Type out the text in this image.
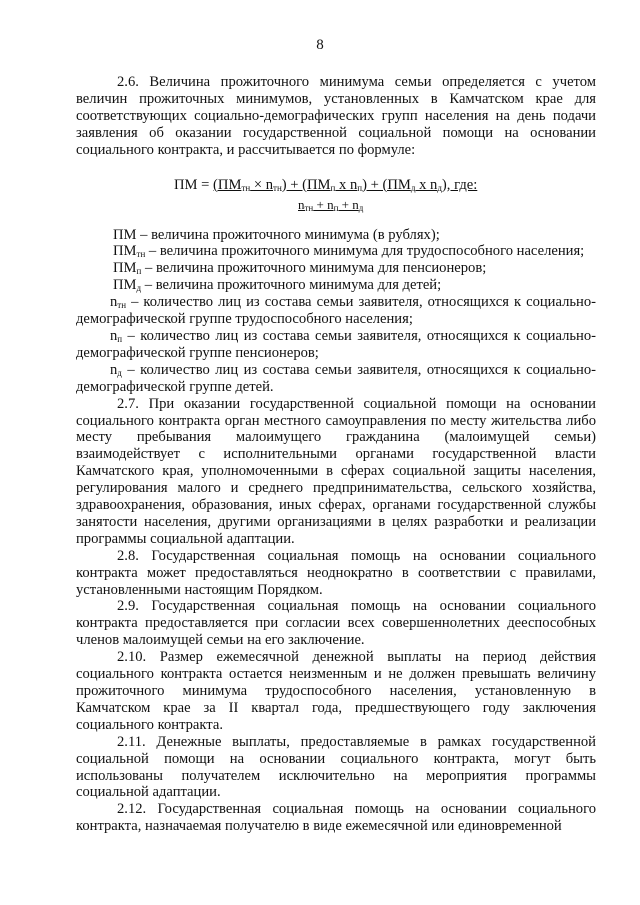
8

2.6. Величина прожиточного минимума семьи определяется с учетом величин прожиточных минимумов, установленных в Камчатском крае для соответствующих социально-демографических групп населения на день подачи заявления об оказании государственной социальной помощи на основании социального контракта, и рассчитывается по формуле:

ПМ = $(ПМ_{тн} \times n_{тн}) + (ПМ_п$ x $n_п) + (ПМ_д$ x $n_д$), где:
$n_{тн} + n_п + n_д$

ПМ – величина прожиточного минимума (в рублях);

$ПМ_{тн}$ – величина прожиточного минимума для трудоспособного населения;

$ПМ_п$ – величина прожиточного минимума для пенсионеров;

$ПМ_д$ – величина прожиточного минимума для детей;

$n_{тн}$ – количество лиц из состава семьи заявителя, относящихся к социально-демографической группе трудоспособного населения;

$n_п$ – количество лиц из состава семьи заявителя, относящихся к социально-демографической группе пенсионеров;

$n_д$ – количество лиц из состава семьи заявителя, относящихся к социально-демографической группе детей.

2.7. При оказании государственной социальной помощи на основании социального контракта орган местного самоуправления по месту жительства либо месту пребывания малоимущего гражданина (малоимущей семьи) взаимодействует с исполнительными органами государственной власти Камчатского края, уполномоченными в сферах социальной защиты населения, регулирования малого и среднего предпринимательства, сельского хозяйства, здравоохранения, образования, иных сферах, органами государственной службы занятости населения, другими организациями в целях разработки и реализации программы социальной адаптации.

2.8. Государственная социальная помощь на основании социального контракта может предоставляться неоднократно в соответствии с правилами, установленными настоящим Порядком.

2.9. Государственная социальная помощь на основании социального контракта предоставляется при согласии всех совершеннолетних дееспособных членов малоимущей семьи на его заключение.

2.10. Размер ежемесячной денежной выплаты на период действия социального контракта остается неизменным и не должен превышать величину прожиточного минимума трудоспособного населения, установленную в Камчатском крае за II квартал года, предшествующего году заключения социального контракта.

2.11. Денежные выплаты, предоставляемые в рамках государственной социальной помощи на основании социального контракта, могут быть использованы получателем исключительно на мероприятия программы социальной адаптации.

2.12. Государственная социальная помощь на основании социального контракта, назначаемая получателю в виде ежемесячной или единовременной
